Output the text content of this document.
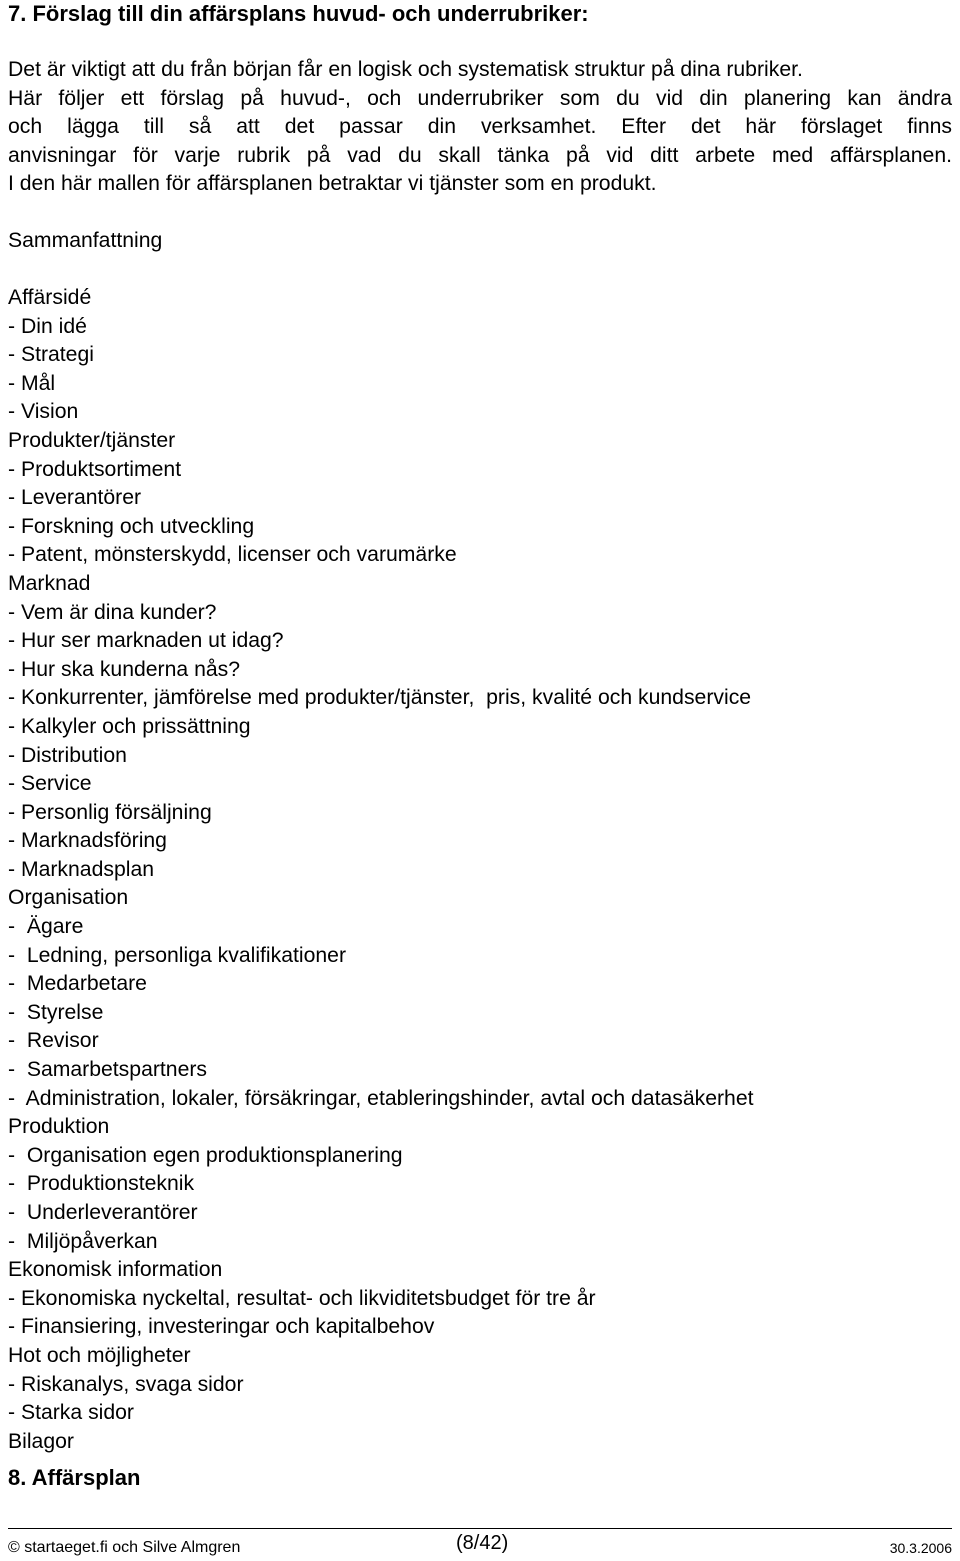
7. Förslag till din affärsplans huvud- och underrubriker:
Det är viktigt att du från början får en logisk och systematisk struktur på dina rubriker.
Här följer ett förslag på huvud-, och underrubriker som du vid din planering kan ändra
och lägga till så att det passar din verksamhet. Efter det här förslaget finns
anvisningar för varje rubrik på vad du skall tänka på vid ditt arbete med affärsplanen.
I den här mallen för affärsplanen betraktar vi tjänster som en produkt.

Sammanfattning

Affärsidé
- Din idé
- Strategi
- Mål
- Vision
Produkter/tjänster
- Produktsortiment
- Leverantörer
- Forskning och utveckling
- Patent, mönsterskydd, licenser och varumärke
Marknad
- Vem är dina kunder?
- Hur ser marknaden ut idag?
- Hur ska kunderna nås?
- Konkurrenter, jämförelse med produkter/tjänster,  pris, kvalité och kundservice
- Kalkyler och prissättning
- Distribution
- Service
- Personlig försäljning
- Marknadsföring
- Marknadsplan
Organisation
-  Ägare
-  Ledning, personliga kvalifikationer
-  Medarbetare
-  Styrelse
-  Revisor
-  Samarbetspartners
-  Administration, lokaler, försäkringar, etableringshinder, avtal och datasäkerhet
Produktion
-  Organisation egen produktionsplanering
-  Produktionsteknik
-  Underleverantörer
-  Miljöpåverkan
Ekonomisk information
- Ekonomiska nyckeltal, resultat- och likviditetsbudget för tre år
- Finansiering, investeringar och kapitalbehov
Hot och möjligheter
- Riskanalys, svaga sidor
- Starka sidor
Bilagor
8. Affärsplan
© startaeget.fi och Silve Almgren	(8/42)	30.3.2006
